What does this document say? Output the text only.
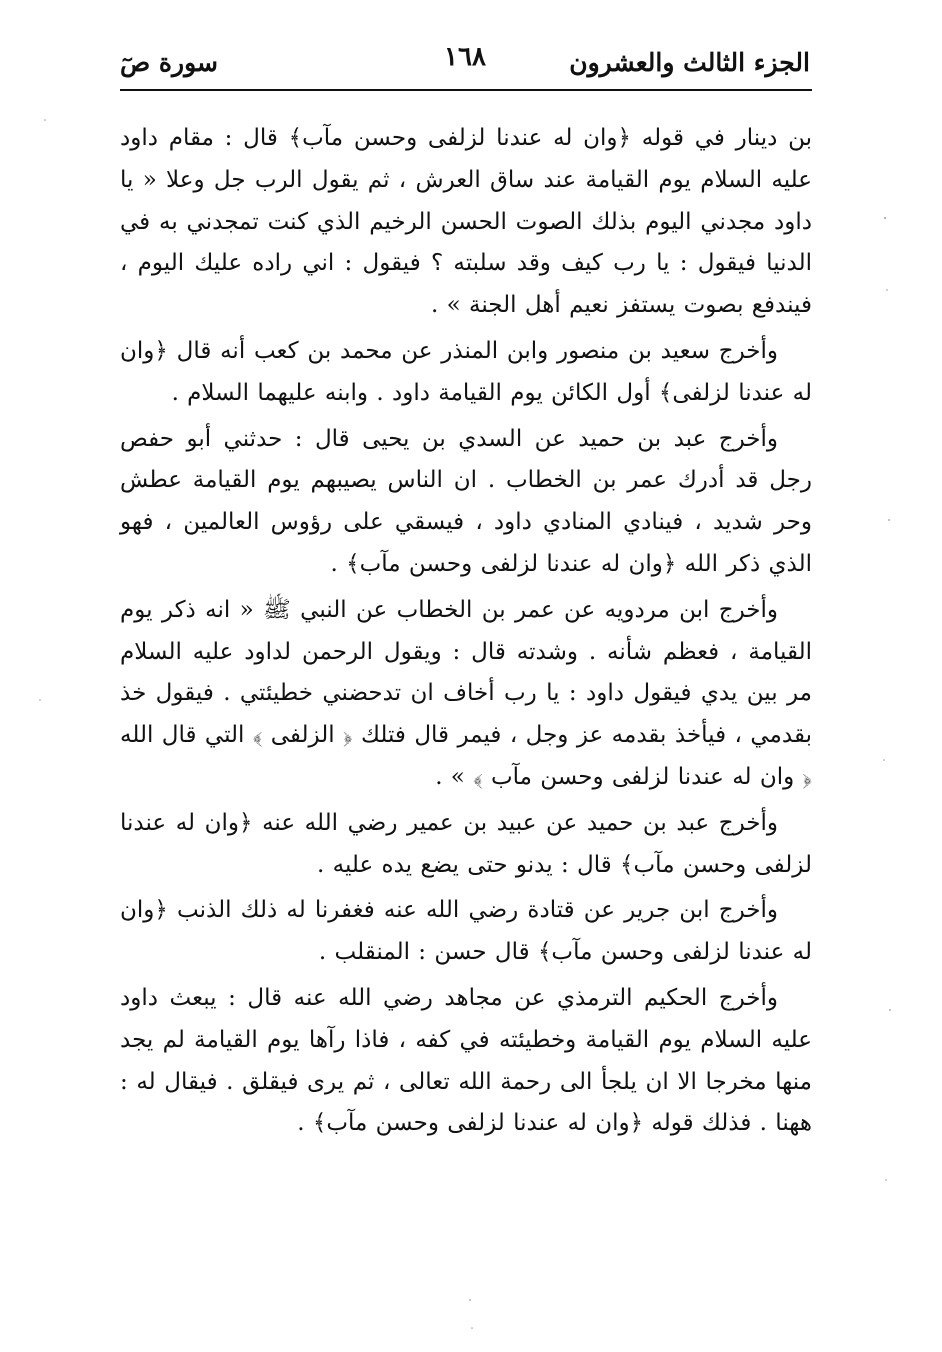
الجزء الثالث والعشرون
١٦٨
سورة صٓ

بن دينار في قوله ﴿وان له عندنا لزلفى وحسن مآب﴾ قال : مقام داود عليه السلام يوم القيامة عند ساق العرش ، ثم يقول الرب جل وعلا « يا داود مجدني اليوم بذلك الصوت الحسن الرخيم الذي كنت تمجدني به في الدنيا فيقول : يا رب كيف وقد سلبته ؟ فيقول : اني راده عليك اليوم ، فيندفع بصوت يستفز نعيم أهل الجنة » .

وأخرج سعيد بن منصور وابن المنذر عن محمد بن كعب أنه قال ﴿وان له عندنا لزلفى﴾ أول الكائن يوم القيامة داود . وابنه عليهما السلام .

وأخرج عبد بن حميد عن السدي بن يحيى قال : حدثني أبو حفص رجل قد أدرك عمر بن الخطاب . ان الناس يصيبهم يوم القيامة عطش وحر شديد ، فينادي المنادي داود ، فيسقي على رؤوس العالمين ، فهو الذي ذكر الله ﴿وان له عندنا لزلفى وحسن مآب﴾ .

وأخرج ابن مردويه عن عمر بن الخطاب عن النبي ﷺ « انه ذكر يوم القيامة ، فعظم شأنه . وشدته قال : ويقول الرحمن لداود عليه السلام مر بين يدي فيقول داود : يا رب أخاف ان تدحضني خطيئتي . فيقول خذ بقدمي ، فيأخذ بقدمه عز وجل ، فيمر قال فتلك ﴿ الزلفى ﴾ التي قال الله ﴿ وان له عندنا لزلفى وحسن مآب ﴾ » .

وأخرج عبد بن حميد عن عبيد بن عمير رضي الله عنه ﴿وان له عندنا لزلفى وحسن مآب﴾ قال : يدنو حتى يضع يده عليه .

وأخرج ابن جرير عن قتادة رضي الله عنه فغفرنا له ذلك الذنب ﴿وان له عندنا لزلفى وحسن مآب﴾ قال حسن : المنقلب .

وأخرج الحكيم الترمذي عن مجاهد رضي الله عنه قال : يبعث داود عليه السلام يوم القيامة وخطيئته في كفه ، فاذا رآها يوم القيامة لم يجد منها مخرجا الا ان يلجأ الى رحمة الله تعالى ، ثم يرى فيقلق . فيقال له : ههنا . فذلك قوله ﴿وان له عندنا لزلفى وحسن مآب﴾ .
